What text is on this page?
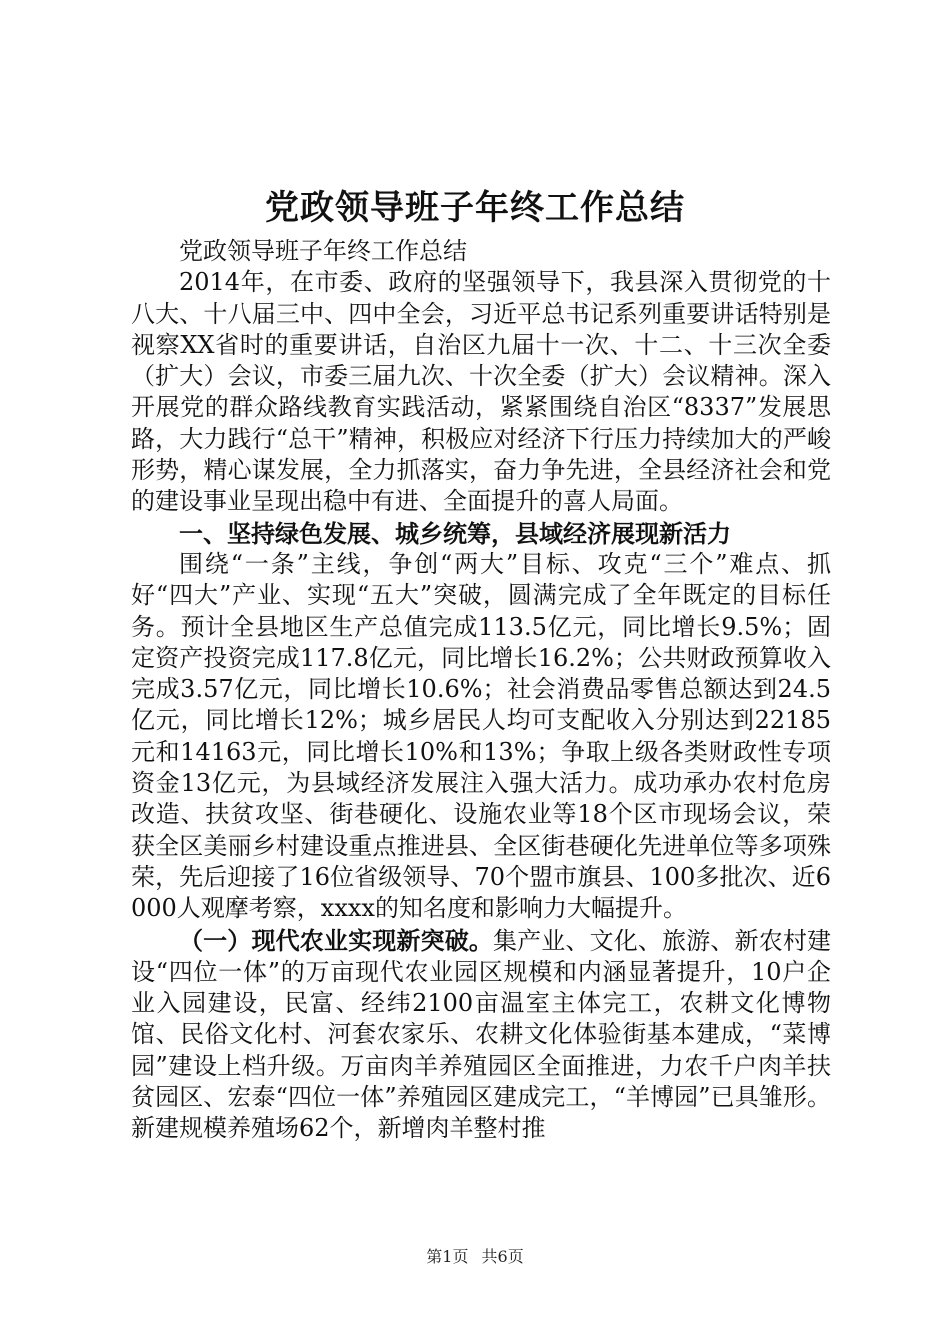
党政领导班子年终工作总结

党政领导班子年终工作总结

2014年，在市委、政府的坚强领导下，我县深入贯彻党的十八大、十八届三中、四中全会，习近平总书记系列重要讲话特别是视察XX省时的重要讲话，自治区九届十一次、十二、十三次全委（扩大）会议，市委三届九次、十次全委（扩大）会议精神。深入开展党的群众路线教育实践活动，紧紧围绕自治区“8337”发展思路，大力践行“总干”精神，积极应对经济下行压力持续加大的严峻形势，精心谋发展，全力抓落实，奋力争先进，全县经济社会和党的建设事业呈现出稳中有进、全面提升的喜人局面。

一、坚持绿色发展、城乡统筹，县域经济展现新活力

围绕“一条”主线，争创“两大”目标、攻克“三个”难点、抓好“四大”产业、实现“五大”突破，圆满完成了全年既定的目标任务。预计全县地区生产总值完成113.5亿元，同比增长9.5%；固定资产投资完成117.8亿元，同比增长16.2%；公共财政预算收入完成3.57亿元，同比增长10.6%；社会消费品零售总额达到24.5亿元，同比增长12%；城乡居民人均可支配收入分别达到22185元和14163元，同比增长10%和13%；争取上级各类财政性专项资金13亿元，为县域经济发展注入强大活力。成功承办农村危房改造、扶贫攻坚、街巷硬化、设施农业等18个区市现场会议，荣获全区美丽乡村建设重点推进县、全区街巷硬化先进单位等多项殊荣，先后迎接了16位省级领导、70个盟市旗县、100多批次、近6000人观摩考察，xxxx的知名度和影响力大幅提升。

（一）现代农业实现新突破。集产业、文化、旅游、新农村建设“四位一体”的万亩现代农业园区规模和内涵显著提升，10户企业入园建设，民富、经纬2100亩温室主体完工，农耕文化博物馆、民俗文化村、河套农家乐、农耕文化体验街基本建成，“菜博园”建设上档升级。万亩肉羊养殖园区全面推进，力农千户肉羊扶贫园区、宏泰“四位一体”养殖园区建成完工，“羊博园”已具雏形。新建规模养殖场62个，新增肉羊整村推

第1页 共6页
